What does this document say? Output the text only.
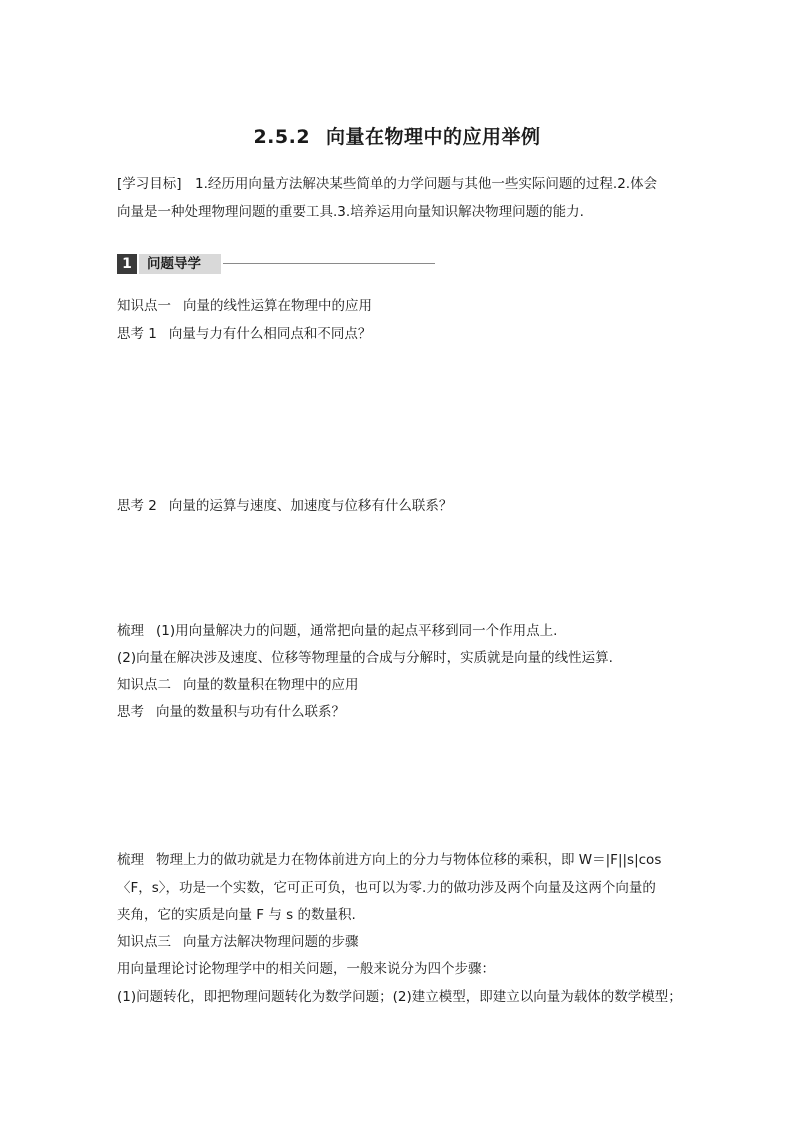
2.5.2 向量在物理中的应用举例
[学习目标]　1.经历用向量方法解决某些简单的力学问题与其他一些实际问题的过程.2.体会
向量是一种处理物理问题的重要工具.3.培养运用向量知识解决物理问题的能力.
1	问题导学
知识点一 向量的线性运算在物理中的应用
思考 1 向量与力有什么相同点和不同点？
思考 2 向量的运算与速度、加速度与位移有什么联系？
梳理 (1)用向量解决力的问题，通常把向量的起点平移到同一个作用点上.
(2)向量在解决涉及速度、位移等物理量的合成与分解时，实质就是向量的线性运算.
知识点二 向量的数量积在物理中的应用
思考 向量的数量积与功有什么联系？
梳理 物理上力的做功就是力在物体前进方向上的分力与物体位移的乘积，即 W＝|F||s|cos
〈F，s〉，功是一个实数，它可正可负，也可以为零.力的做功涉及两个向量及这两个向量的
夹角，它的实质是向量 F 与 s 的数量积.
知识点三 向量方法解决物理问题的步骤
用向量理论讨论物理学中的相关问题，一般来说分为四个步骤：
(1)问题转化，即把物理问题转化为数学问题；(2)建立模型，即建立以向量为载体的数学模型；
